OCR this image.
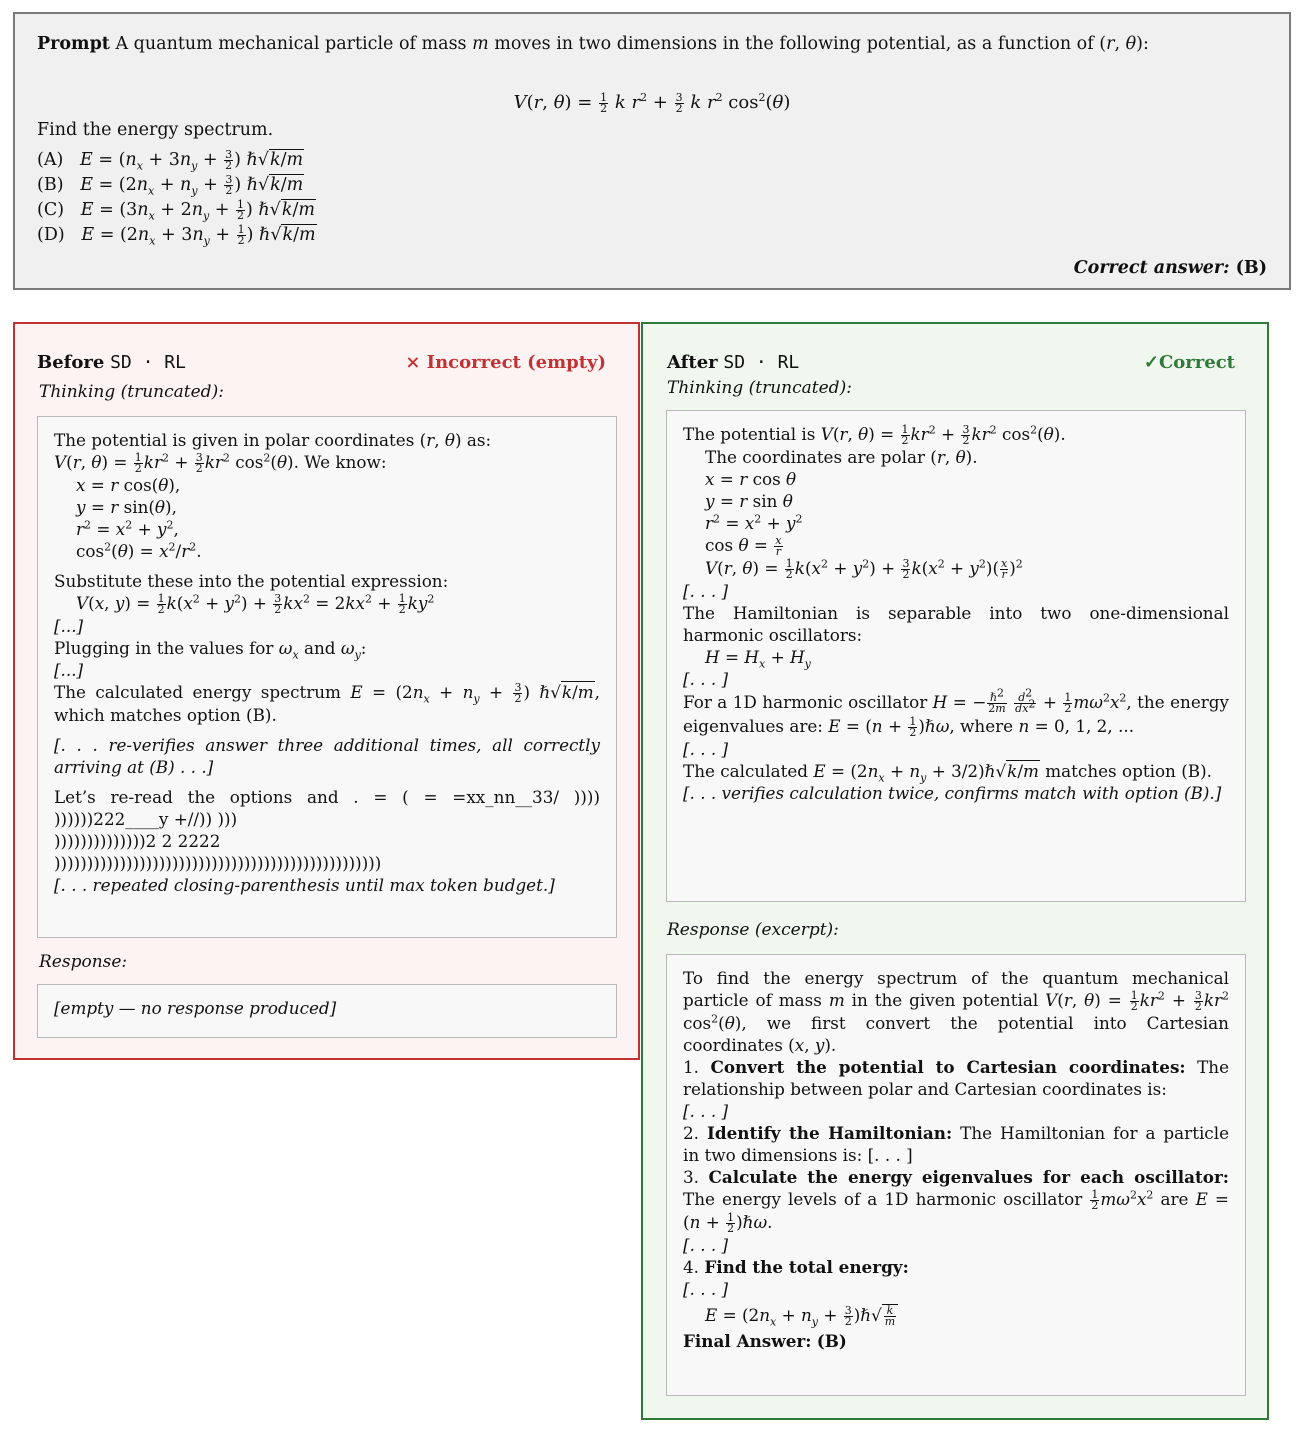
Prompt A quantum mechanical particle of mass m moves in two dimensions in the following potential, as a function of (r, θ):
V(r, $\theta) = \frac{1}{2}$ k $r^2 + \frac{3}{2}$ k $r^2$ $\cos^2(\theta)$
Find the energy spectrum.
(A) $E = (n_x + 3n_y + \frac{3}{2}$ ) ℏ√k/m
(B) $E = (2n_x + n_y + \frac{3}{2}$ ) ℏ√k/m
(C) $E = (3n_x + 2n_y + \frac{1}{2}$ ) ℏ√k/m
(D) $E = (2n_x + 3n_y + \frac{1}{2}$ ) ℏ√k/m
Correct answer: (B)
Before SD · RL	× Incorrect (empty)
Thinking (truncated):

The potential is given in polar coordinates (r, θ) as:

V(r, $\theta) = \frac{1}{2} kr^2 + \frac{3}{2} kr^2$ $\cos^2(\theta)$. We know:

x = r cos(θ),

y = r sin(θ),

$r^2 = x^2 + y^2$,

$\cos^2(\theta) = x^2/r^2$.

Substitute these into the potential expression:

V(x, $y) = \frac{1}{2} k(x^2 + y^2) + \frac{3}{2} kx^2 = 2kx^2 + \frac{1}{2} ky^2$

[...]

Plugging in the values for $\omega_x$ and $\omega_y$:

[...]

The calculated energy spectrum $E = (2n_x + n_y + \frac{3}{2}$ ) ℏ√k/m, which matches option (B).

[. . . re-verifies answer three additional times, all correctly arriving at (B) . . .]

Let’s re-read the options and . = ( = =xx_nn__33/ )))) ))))))222____y +//)) )))

))))))))))))))2 2 2222

))))))))))))))))))))))))))))))))))))))))))))))))))

[. . . repeated closing-parenthesis until max token budget.]

Response:

[empty — no response produced]

After SD · RL	✓Correct
Thinking (truncated):

The potential is V(r, $\theta) = \frac{1}{2} kr^2 + \frac{3}{2} kr^2$ $\cos^2(\theta)$.

The coordinates are polar (r, θ).

x = r cos θ

y = r sin θ

$r^2 = x^2 + y^2$

$\cos \theta = \frac{x}{r}$

V(r, $\theta) = \frac{1}{2} k(x^2 + y^2) + \frac{3}{2} k(x^2 + y^2)( \frac{x}{r} )^2$

[. . . ]

The Hamiltonian is separable into two one-dimensional harmonic oscillators:

$H = H_x + H_y$

[. . . ]

For a 1D harmonic oscillator H = − $\frac{\hbar^2}{2m}$
$\frac{d^2}{dx^2} + \frac{1}{2} m\omega^2x^2$, the energy eigenvalues are: $E = (n + \frac{1}{2}$ )ℏω, where n = 0, 1, 2, ...

[. . . ]

The calculated $E = (2n_x + n_y$ + 3/2)ℏ√k/m matches option (B).

[. . . verifies calculation twice, confirms match with option (B).]

Response (excerpt):

To find the energy spectrum of the quantum mechanical particle of mass m in the given potential V(r, $\theta) = \frac{1}{2} kr^2 + \frac{3}{2} kr^2$ $\cos^2(\theta)$, we first convert the potential into Cartesian coordinates (x, y).

1. Convert the potential to Cartesian coordinates: The relationship between polar and Cartesian coordinates is:

[. . . ]

2. Identify the Hamiltonian: The Hamiltonian for a particle in two dimensions is: [. . . ]

3. Calculate the energy eigenvalues for each oscillator: The energy levels of a 1D harmonic oscillator $\frac{1}{2} m\omega^2x^2$ are $E = (n + \frac{1}{2}$ )ℏω.

[. . . ]

4. Find the total energy:

[. . . ]

$E = (2n_x + n_y + \frac{3}{2}$ )ℏ√ $\frac{k}{m}$

Final Answer: (B)
